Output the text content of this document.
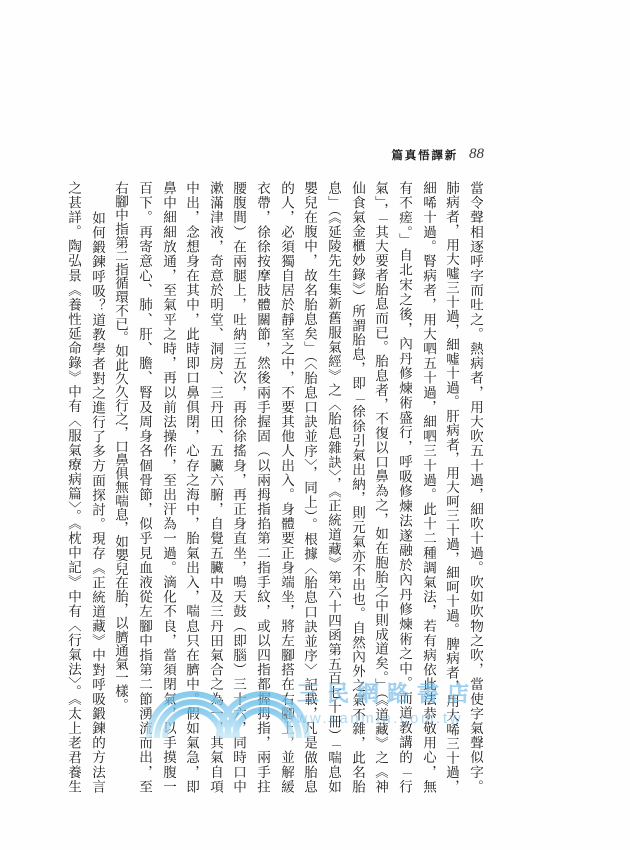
新譯悟真篇 88
當令聲相逐呼字而吐之。熱病者，用大吹五十過，細吹十過。吹如吹物之吹，當使字氣聲似字。
肺病者，用大噓三十過，細噓十過。肝病者，用大呵三十過，細呵十過。脾病者，用大唏三十過，
細唏十過。腎病者，用大呬五十過，細呬三十過。此十二種調氣法，若有病依此法恭敬用心，無
有不瘥。」自北宋之後，內丹修煉術盛行，呼吸修煉法遂融於內丹修煉術之中。而道教講的「行
氣」，「其大要者胎息而已。胎息者，不復以口鼻為之，如在胞胎之中則成道矣。」（《道藏》之《神
仙食氣金櫃妙錄》）所謂胎息，即「徐徐引氣出納，則元氣亦不出也。自然內外之氣不雜，此名胎
息」（《延陵先生集新舊服氣經》之〈胎息雜訣〉，《正統道藏》第六十四函第五百七十冊）「喘息如
嬰兒在腹中，故名胎息矣」（〈胎息口訣並序〉，同上）。根據〈胎息口訣並序〉記載，凡是做胎息
的人，必須獨自居於靜室之中，不要其他人出入。身體要正身端坐，將左腳搭在右腳上，並解緩
衣帶，徐徐按摩肢體關節，然後兩手握固（以兩拇指掐第二指手紋，或以四指都握拇指，兩手拄
腰腹間）在兩腿上，吐納三五次，再徐徐搖身，再正身直坐，鳴天鼓（即腦）三十六，同時口中
漱滿津液，奇意於明堂、洞房、三丹田、五臟六腑，自覺五臟中及三丹田氣合之為一，其氣自項
中出，念想身在其中，此時即口鼻俱閉，心存之海中，胎氣出入，喘息只在臍中。假如氣急，即
鼻中細細放通，至氣平之時，再以前法操作，至出汗為一過。滴化不良，當須閉氣，以手摸腹一
百下。再寄意心、肺、肝、膽、腎及周身各個骨節，似乎見血液從左腳中指第二節湧流而出，至
右腳中指第二指循環不已。如此久久行之，口鼻俱無喘息，如嬰兒在胎，以臍通氣一樣。
如何鍛鍊呼吸？道教學者對之進行了多方面探討。現存《正統道藏》中對呼吸鍛鍊的方法言
之甚詳。陶弘景《養性延命錄》中有〈服氣療病篇〉。《枕中記》中有〈行氣法〉。《太上老君養生	三民網路書店
www.sanmin.com.tw
